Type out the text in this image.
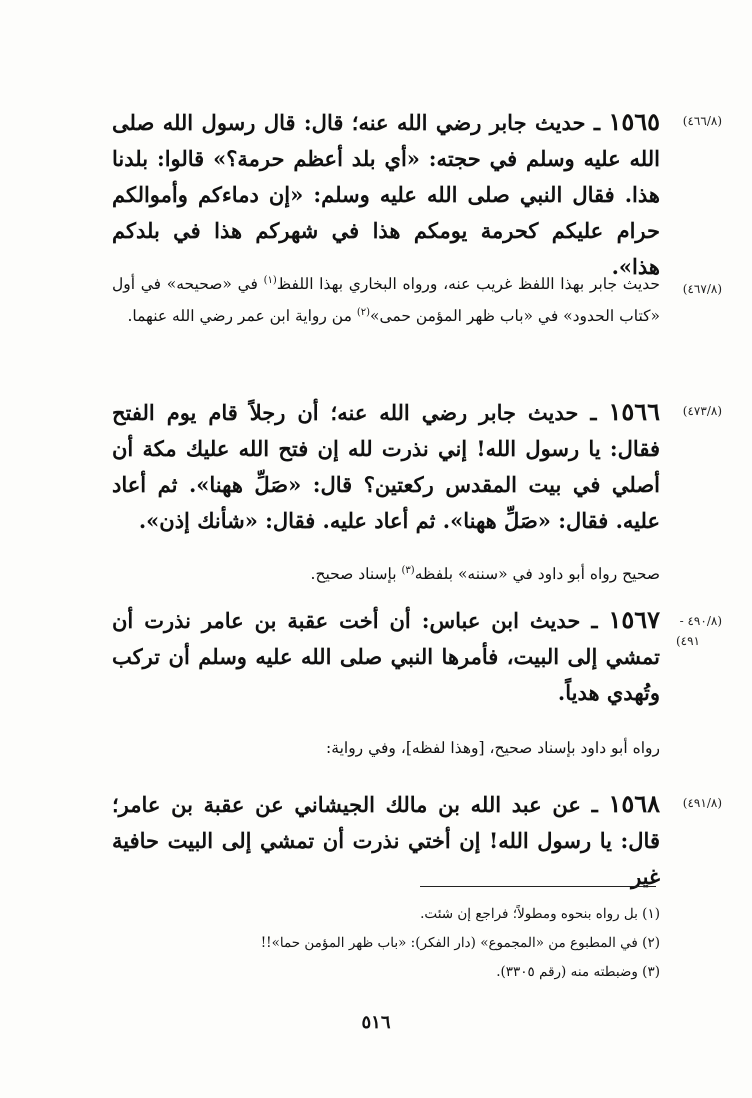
(٤٦٦/٨)
١٥٦٥ ـ حديث جابر رضي الله عنه؛ قال: قال رسول الله صلى الله عليه وسلم في حجته: «أي بلد أعظم حرمة؟» قالوا: بلدنا هذا. فقال النبي صلى الله عليه وسلم: «إن دماءكم وأموالكم حرام عليكم كحرمة يومكم هذا في شهركم هذا في بلدكم هذا».
(٤٦٧/٨)
حديث جابر بهذا اللفظ غريب عنه، ورواه البخاري بهذا اللفظ$^{(١)}$ في «صحيحه» في أول «كتاب الحدود» في «باب ظهر المؤمن حمى»$^{(٢)}$ من رواية ابن عمر رضي الله عنهما.
(٤٧٣/٨)
١٥٦٦ ـ حديث جابر رضي الله عنه؛ أن رجلاً قام يوم الفتح فقال: يا رسول الله! إني نذرت لله إن فتح الله عليك مكة أن أصلي في بيت المقدس ركعتين؟ قال: «صَلِّ ههنا». ثم أعاد عليه. فقال: «صَلِّ ههنا». ثم أعاد عليه. فقال: «شأنك إذن».
صحيح رواه أبو داود في «سننه» بلفظه$^{(٣)}$ بإسناد صحيح.
(٤٩٠/٨ -
٤٩١)
١٥٦٧ ـ حديث ابن عباس: أن أخت عقبة بن عامر نذرت أن تمشي إلى البيت، فأمرها النبي صلى الله عليه وسلم أن تركب وتُهدي هدياً.
رواه أبو داود بإسناد صحيح، [وهذا لفظه]، وفي رواية:
(٤٩١/٨)
١٥٦٨ ـ عن عبد الله بن مالك الجيشاني عن عقبة بن عامر؛ قال: يا رسول الله! إن أختي نذرت أن تمشي إلى البيت حافية غير
(١) بل رواه بنحوه ومطولاً؛ فراجع إن شئت.
(٢) في المطبوع من «المجموع» (دار الفكر): «باب ظهر المؤمن حما»!!
(٣) وضبطته منه (رقم ٣٣٠٥).
٥١٦
